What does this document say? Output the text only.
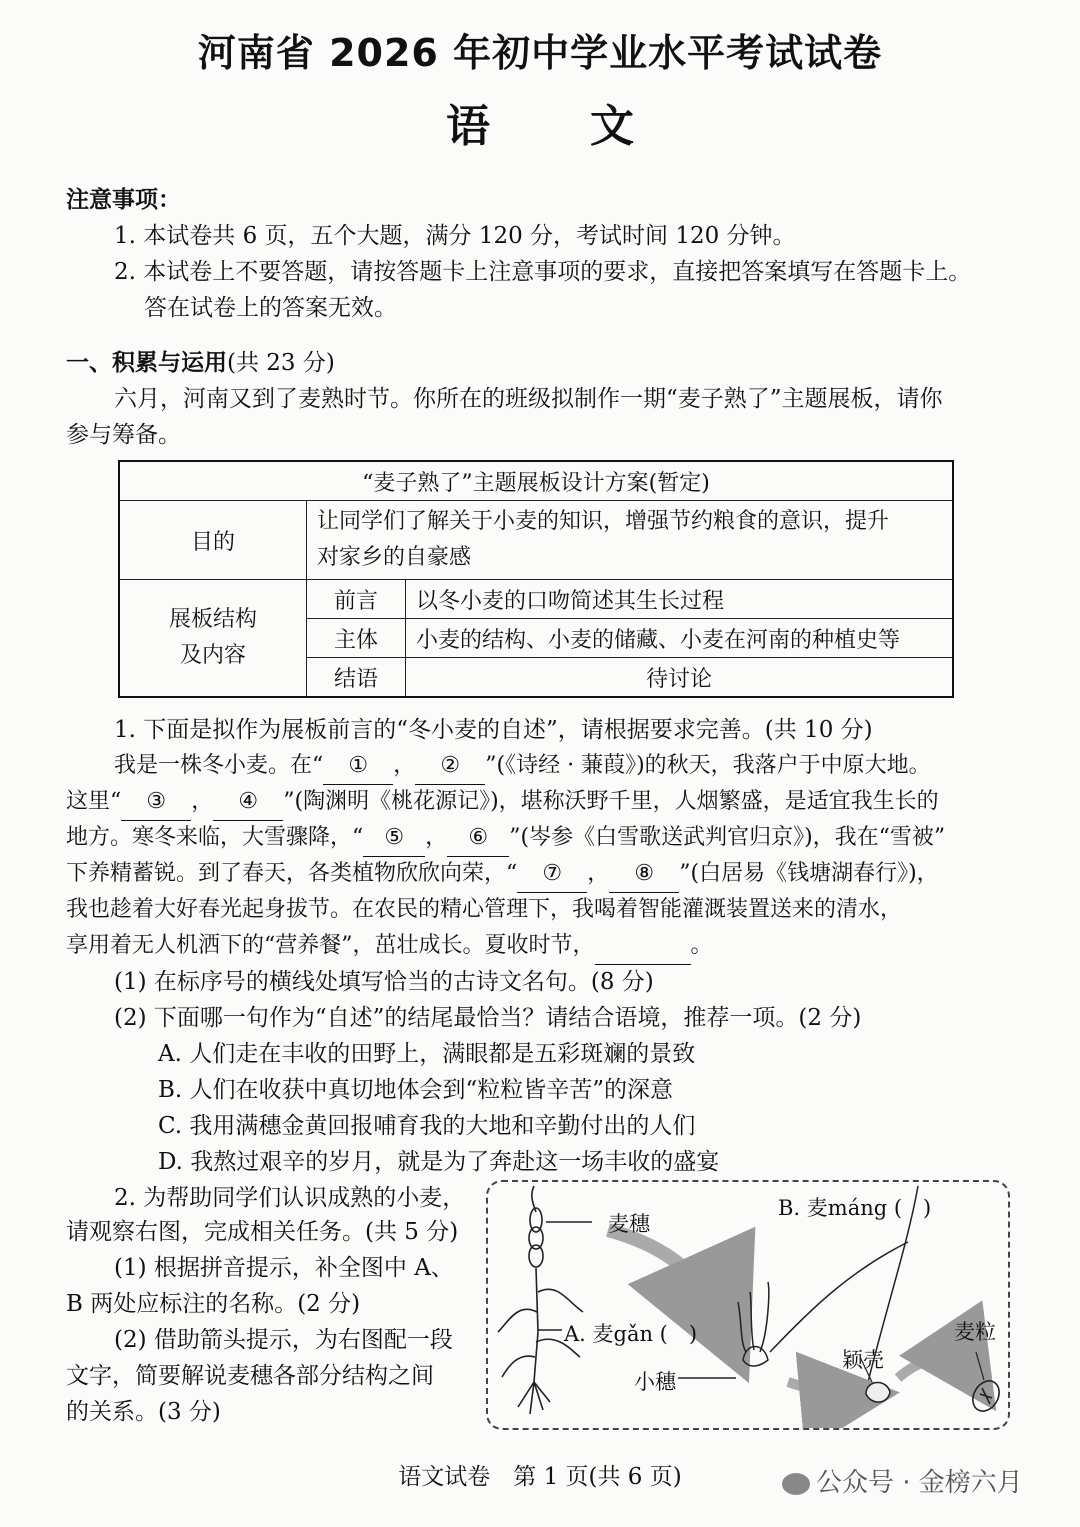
河南省 2026 年初中学业水平考试试卷
语文
注意事项：
1. 本试卷共 6 页，五个大题，满分 120 分，考试时间 120 分钟。
2. 本试卷上不要答题，请按答题卡上注意事项的要求，直接把答案填写在答题卡上。
答在试卷上的答案无效。
一、积累与运用(共 23 分)
六月，河南又到了麦熟时节。你所在的班级拟制作一期“麦子熟了”主题展板，请你
参与筹备。
“麦子熟了”主题展板设计方案(暂定)		
目的	让同学们了解关于小麦的知识，增强节约粮食的意识，提升
对家乡的自豪感	

展板结构
及内容	前言	以冬小麦的口吻简述其生长过程
	主体	小麦的结构、小麦的储藏、小麦在河南的种植史等
	结语	待讨论
1. 下面是拟作为展板前言的“冬小麦的自述”，请根据要求完善。(共 10 分)
我是一株冬小麦。在“ ① ， ② ”(《诗经 · 蒹葭》)的秋天，我落户于中原大地。
这里“ ③ ， ④ ”(陶渊明《桃花源记》)，堪称沃野千里，人烟繁盛，是适宜我生长的
地方。寒冬来临，大雪骤降，“ ⑤ ， ⑥ ”(岑参《白雪歌送武判官归京》)，我在“雪被”
下养精蓄锐。到了春天，各类植物欣欣向荣，“ ⑦ ， ⑧ ”(白居易《钱塘湖春行》)，
我也趁着大好春光起身拔节。在农民的精心管理下，我喝着智能灌溉装置送来的清水，
享用着无人机洒下的“营养餐”，茁壮成长。夏收时节，	。
(1) 在标序号的横线处填写恰当的古诗文名句。(8 分)
(2) 下面哪一句作为“自述”的结尾最恰当？请结合语境，推荐一项。(2 分)
A. 人们走在丰收的田野上，满眼都是五彩斑斓的景致
B. 人们在收获中真切地体会到“粒粒皆辛苦”的深意
C. 我用满穗金黄回报哺育我的大地和辛勤付出的人们
D. 我熬过艰辛的岁月，就是为了奔赴这一场丰收的盛宴
2. 为帮助同学们认识成熟的小麦，
请观察右图，完成相关任务。(共 5 分)
(1) 根据拼音提示，补全图中 A、
B 两处应标注的名称。(2 分)
(2) 借助箭头提示，为右图配一段
文字，简要解说麦穗各部分结构之间
的关系。(3 分)
麦穗
B. 麦máng (　)
A. 麦gǎn (　)
小穗
颖壳
麦粒
语文试卷　第 1 页(共 6 页)	公众号 · 金榜六月
